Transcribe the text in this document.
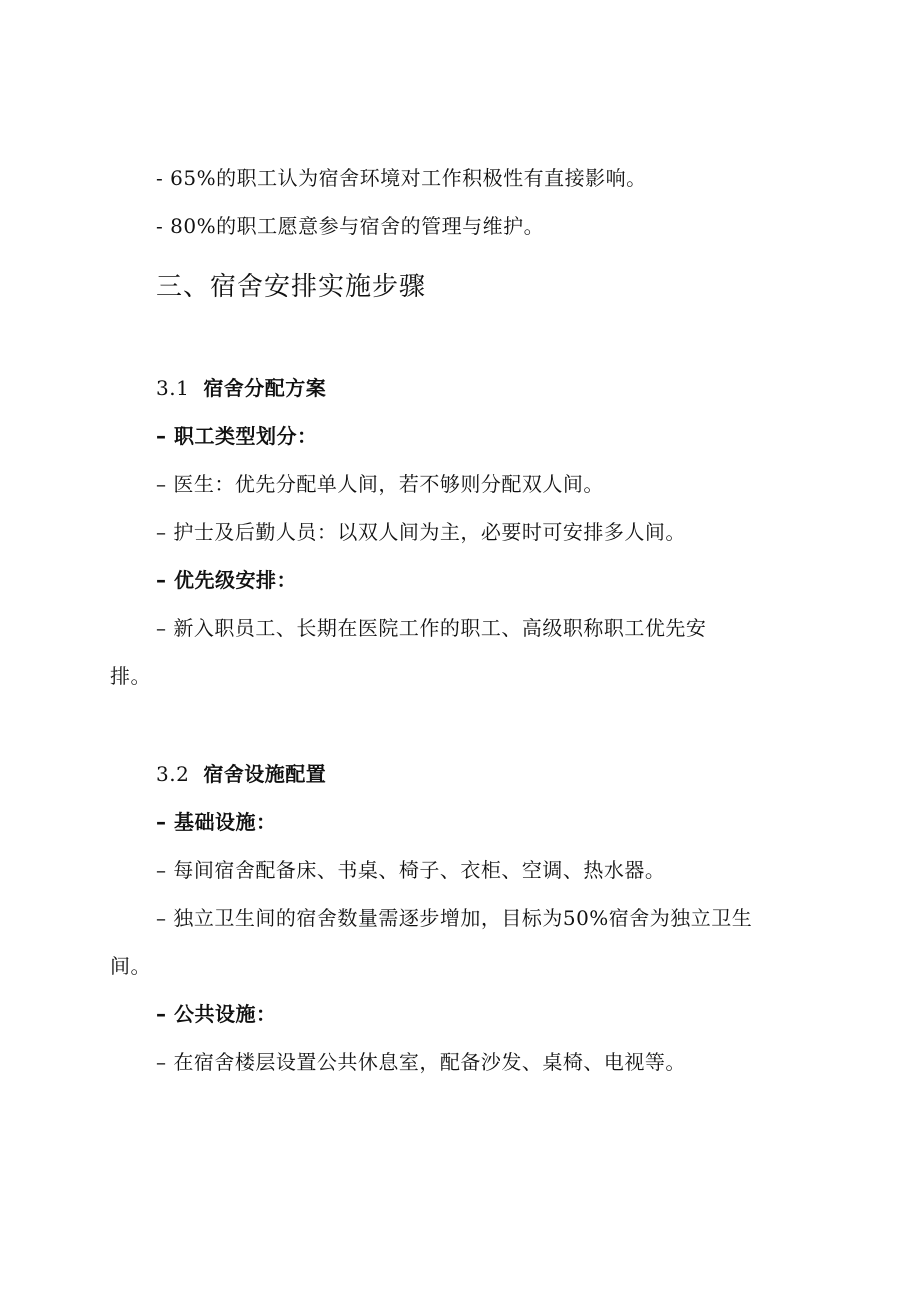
- 65%的职工认为宿舍环境对工作积极性有直接影响。
- 80%的职工愿意参与宿舍的管理与维护。
三、宿舍安排实施步骤
3.1 宿舍分配方案
– 职工类型划分：
– 医生：优先分配单人间，若不够则分配双人间。
– 护士及后勤人员：以双人间为主，必要时可安排多人间。
– 优先级安排：
– 新入职员工、长期在医院工作的职工、高级职称职工优先安
排。
3.2 宿舍设施配置
– 基础设施：
– 每间宿舍配备床、书桌、椅子、衣柜、空调、热水器。
– 独立卫生间的宿舍数量需逐步增加，目标为50%宿舍为独立卫生
间。
– 公共设施：
– 在宿舍楼层设置公共休息室，配备沙发、桌椅、电视等。
